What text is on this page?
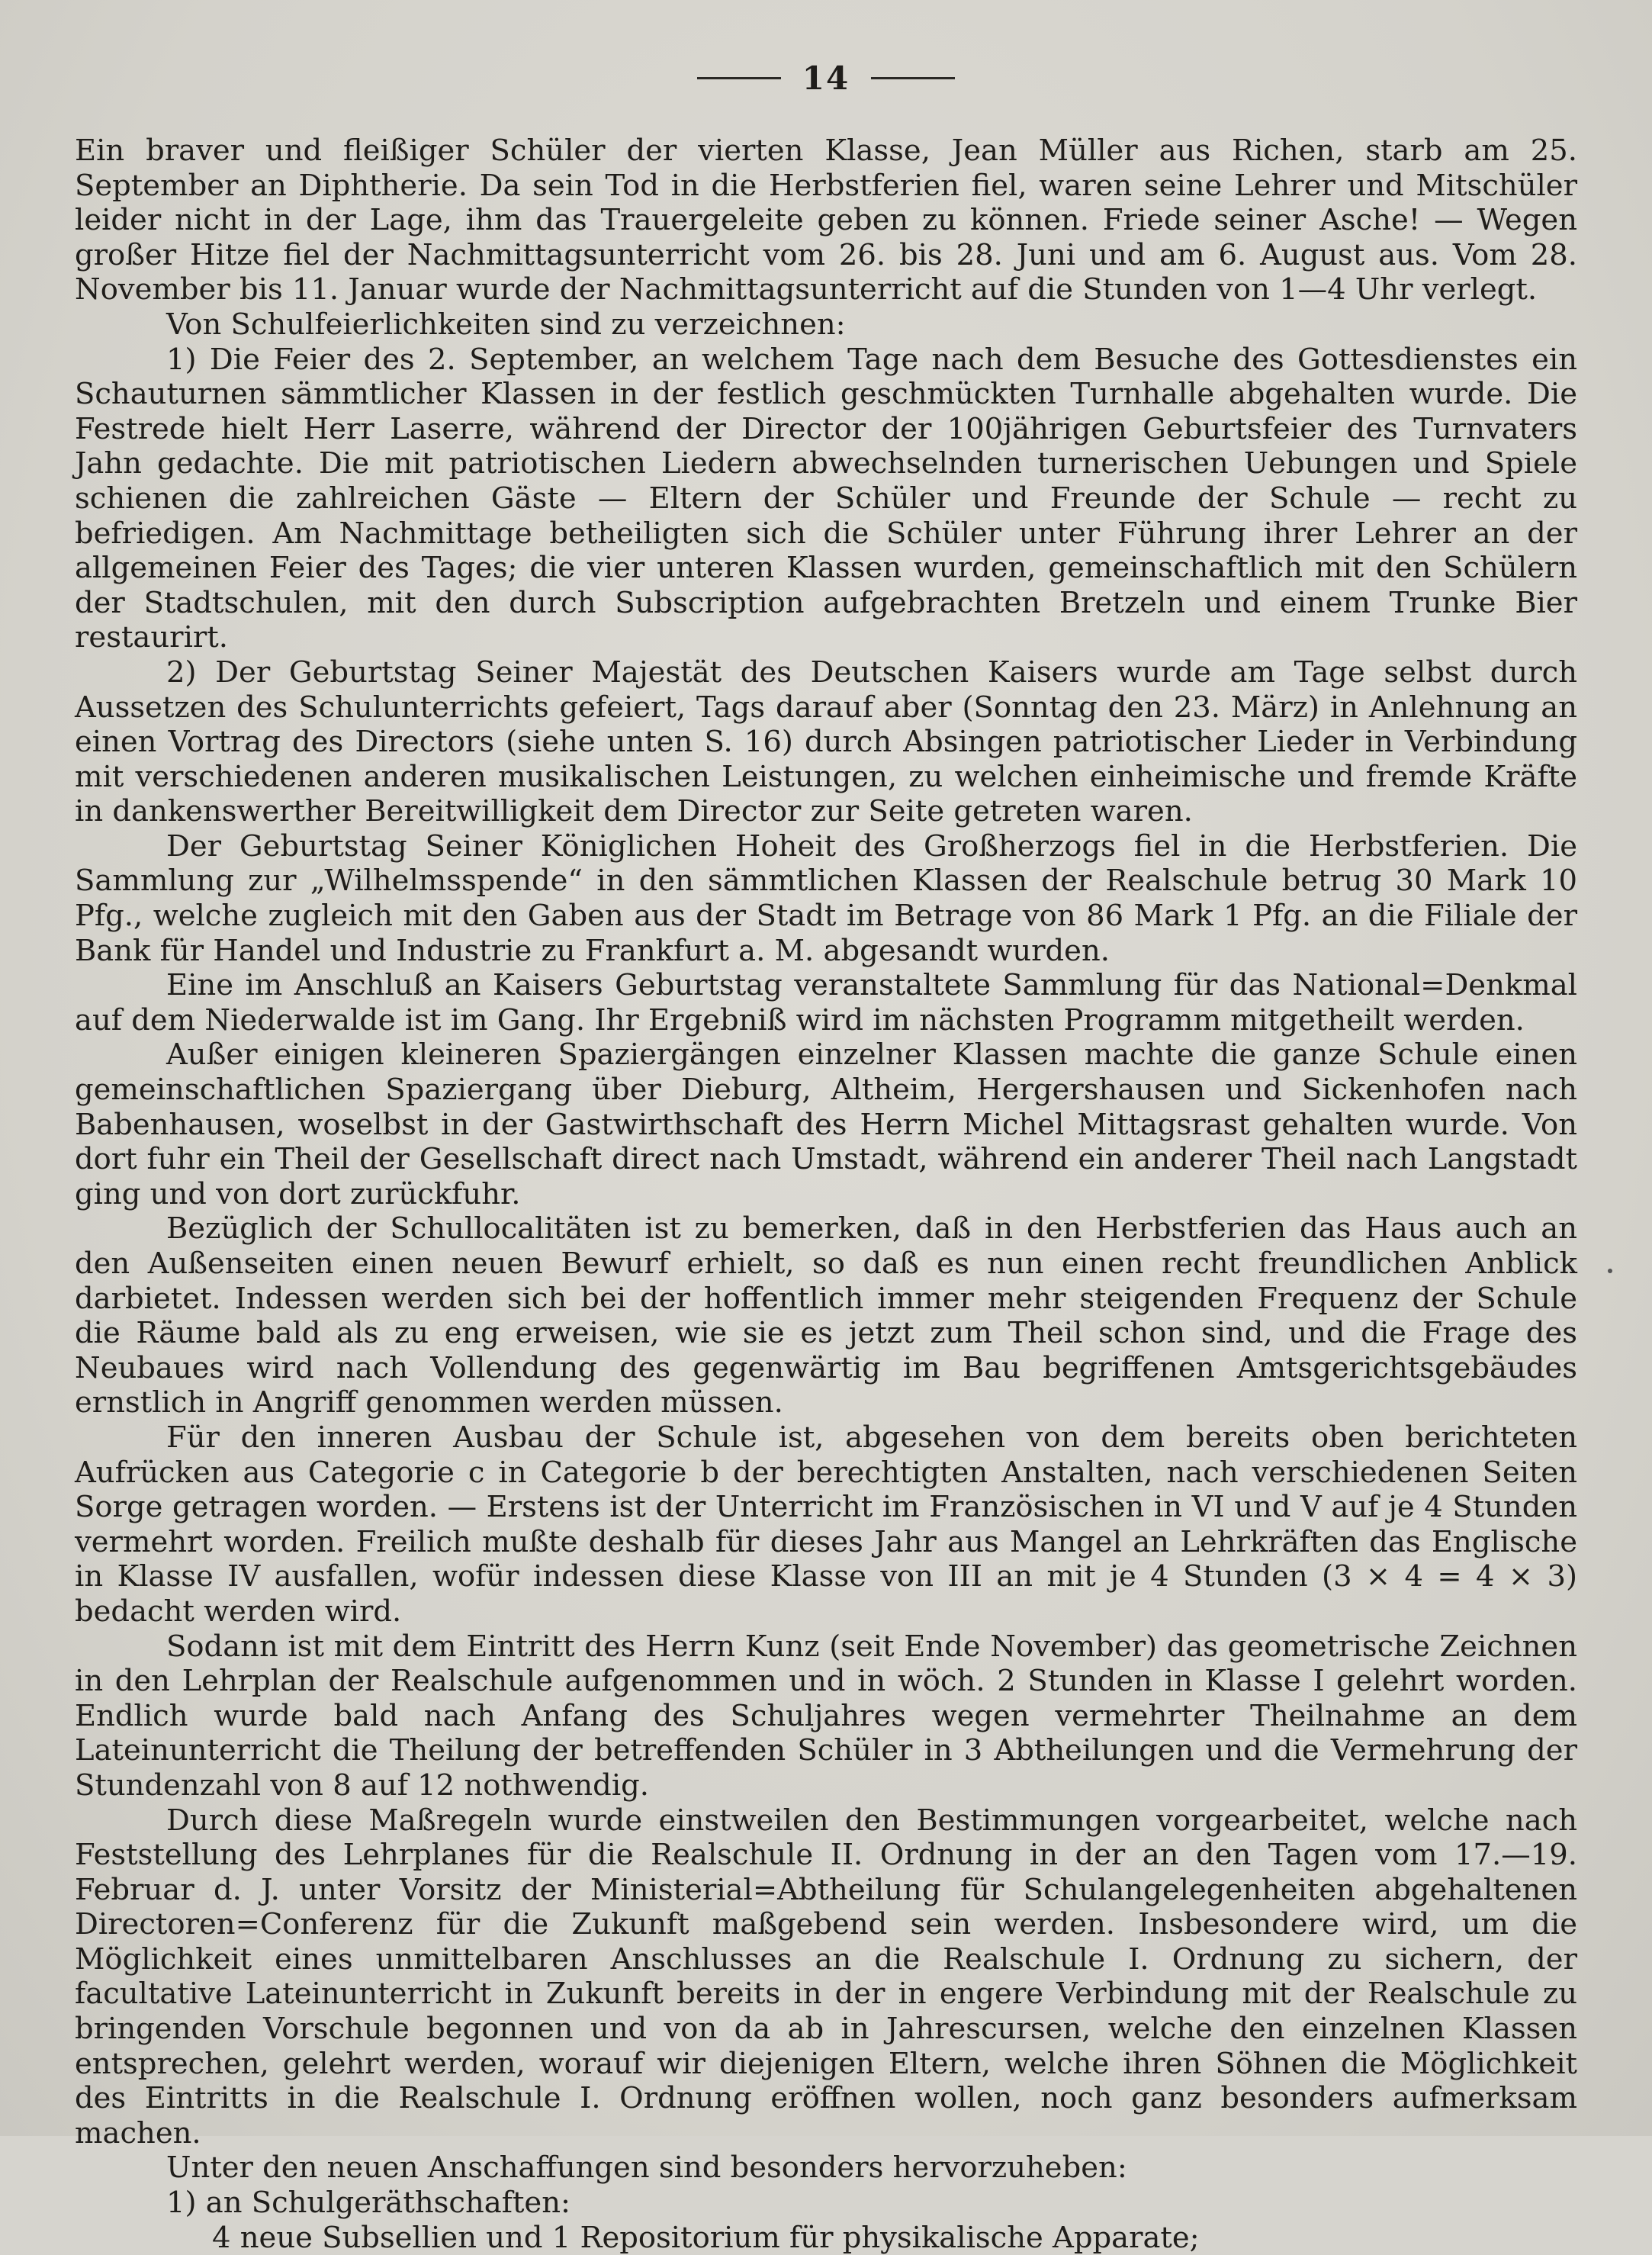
14

Ein braver und fleißiger Schüler der vierten Klasse, Jean Müller aus Richen, starb am 25. September an Diphtherie. Da sein Tod in die Herbstferien fiel, waren seine Lehrer und Mitschüler leider nicht in der Lage, ihm das Trauergeleite geben zu können. Friede seiner Asche! — Wegen großer Hitze fiel der Nachmittagsunterricht vom 26. bis 28. Juni und am 6. August aus. Vom 28. November bis 11. Januar wurde der Nachmittagsunterricht auf die Stunden von 1—4 Uhr verlegt.

Von Schulfeierlichkeiten sind zu verzeichnen:

1) Die Feier des 2. September, an welchem Tage nach dem Besuche des Gottesdienstes ein Schauturnen sämmtlicher Klassen in der festlich geschmückten Turnhalle abgehalten wurde. Die Festrede hielt Herr Laserre, während der Director der 100jährigen Geburtsfeier des Turnvaters Jahn gedachte. Die mit patriotischen Liedern abwechselnden turnerischen Uebungen und Spiele schienen die zahlreichen Gäste — Eltern der Schüler und Freunde der Schule — recht zu befriedigen. Am Nachmittage betheiligten sich die Schüler unter Führung ihrer Lehrer an der allgemeinen Feier des Tages; die vier unteren Klassen wurden, gemeinschaftlich mit den Schülern der Stadtschulen, mit den durch Subscription aufgebrachten Bretzeln und einem Trunke Bier restaurirt.

2) Der Geburtstag Seiner Majestät des Deutschen Kaisers wurde am Tage selbst durch Aussetzen des Schulunterrichts gefeiert, Tags darauf aber (Sonntag den 23. März) in Anlehnung an einen Vortrag des Directors (siehe unten S. 16) durch Absingen patriotischer Lieder in Verbindung mit verschiedenen anderen musikalischen Leistungen, zu welchen einheimische und fremde Kräfte in dankenswerther Bereitwilligkeit dem Director zur Seite getreten waren.

Der Geburtstag Seiner Königlichen Hoheit des Großherzogs fiel in die Herbstferien. Die Sammlung zur „Wilhelmsspende“ in den sämmtlichen Klassen der Realschule betrug 30 Mark 10 Pfg., welche zugleich mit den Gaben aus der Stadt im Betrage von 86 Mark 1 Pfg. an die Filiale der Bank für Handel und Industrie zu Frankfurt a. M. abgesandt wurden.

Eine im Anschluß an Kaisers Geburtstag veranstaltete Sammlung für das National=Denkmal auf dem Niederwalde ist im Gang. Ihr Ergebniß wird im nächsten Programm mitgetheilt werden.

Außer einigen kleineren Spaziergängen einzelner Klassen machte die ganze Schule einen gemeinschaftlichen Spaziergang über Dieburg, Altheim, Hergershausen und Sickenhofen nach Babenhausen, woselbst in der Gastwirthschaft des Herrn Michel Mittagsrast gehalten wurde. Von dort fuhr ein Theil der Gesellschaft direct nach Umstadt, während ein anderer Theil nach Langstadt ging und von dort zurückfuhr.

Bezüglich der Schullocalitäten ist zu bemerken, daß in den Herbstferien das Haus auch an den Außenseiten einen neuen Bewurf erhielt, so daß es nun einen recht freundlichen Anblick darbietet. Indessen werden sich bei der hoffentlich immer mehr steigenden Frequenz der Schule die Räume bald als zu eng erweisen, wie sie es jetzt zum Theil schon sind, und die Frage des Neubaues wird nach Vollendung des gegenwärtig im Bau begriffenen Amtsgerichtsgebäudes ernstlich in Angriff genommen werden müssen.

Für den inneren Ausbau der Schule ist, abgesehen von dem bereits oben berichteten Aufrücken aus Categorie c in Categorie b der berechtigten Anstalten, nach verschiedenen Seiten Sorge getragen worden. — Erstens ist der Unterricht im Französischen in VI und V auf je 4 Stunden vermehrt worden. Freilich mußte deshalb für dieses Jahr aus Mangel an Lehrkräften das Englische in Klasse IV ausfallen, wofür indessen diese Klasse von III an mit je 4 Stunden (3 × 4 = 4 × 3) bedacht werden wird.

Sodann ist mit dem Eintritt des Herrn Kunz (seit Ende November) das geometrische Zeichnen in den Lehrplan der Realschule aufgenommen und in wöch. 2 Stunden in Klasse I gelehrt worden. Endlich wurde bald nach Anfang des Schuljahres wegen vermehrter Theilnahme an dem Lateinunterricht die Theilung der betreffenden Schüler in 3 Abtheilungen und die Vermehrung der Stundenzahl von 8 auf 12 nothwendig.

Durch diese Maßregeln wurde einstweilen den Bestimmungen vorgearbeitet, welche nach Feststellung des Lehrplanes für die Realschule II. Ordnung in der an den Tagen vom 17.—19. Februar d. J. unter Vorsitz der Ministerial=Abtheilung für Schulangelegenheiten abgehaltenen Directoren=Conferenz für die Zukunft maßgebend sein werden. Insbesondere wird, um die Möglichkeit eines unmittelbaren Anschlusses an die Realschule I. Ordnung zu sichern, der facultative Lateinunterricht in Zukunft bereits in der in engere Verbindung mit der Realschule zu bringenden Vorschule begonnen und von da ab in Jahrescursen, welche den einzelnen Klassen entsprechen, gelehrt werden, worauf wir diejenigen Eltern, welche ihren Söhnen die Möglichkeit des Eintritts in die Realschule I. Ordnung eröffnen wollen, noch ganz besonders aufmerksam machen.

Unter den neuen Anschaffungen sind besonders hervorzuheben:

1) an Schulgeräthschaften:

4 neue Subsellien und 1 Repositorium für physikalische Apparate;
